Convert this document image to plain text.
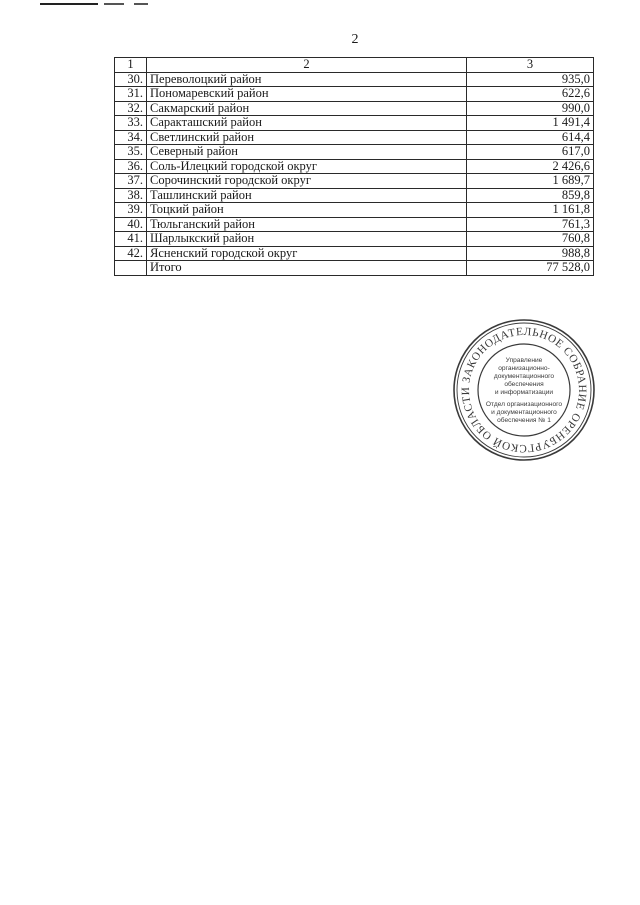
2
1	2	3
30.	Переволоцкий район	935,0
31.	Пономаревский район	622,6
32.	Сакмарский район	990,0
33.	Саракташский район	1 491,4
34.	Светлинский район	614,4
35.	Северный район	617,0
36.	Соль-Илецкий городской округ	2 426,6
37.	Сорочинский городской округ	1 689,7
38.	Ташлинский район	859,8
39.	Тоцкий район	1 161,8
40.	Тюльганский район	761,3
41.	Шарлыкский район	760,8
42.	Ясненский городской округ	988,8
	Итого	77 528,0
ЗАКОНОДАТЕЛЬНОЕ СОБРАНИЕ ОРЕНБУРГСКОЙ ОБЛАСТИ
Управление
организационно-
документационного
обеспечения
и информатизации
Отдел организационного
и документационного
обеспечения № 1
